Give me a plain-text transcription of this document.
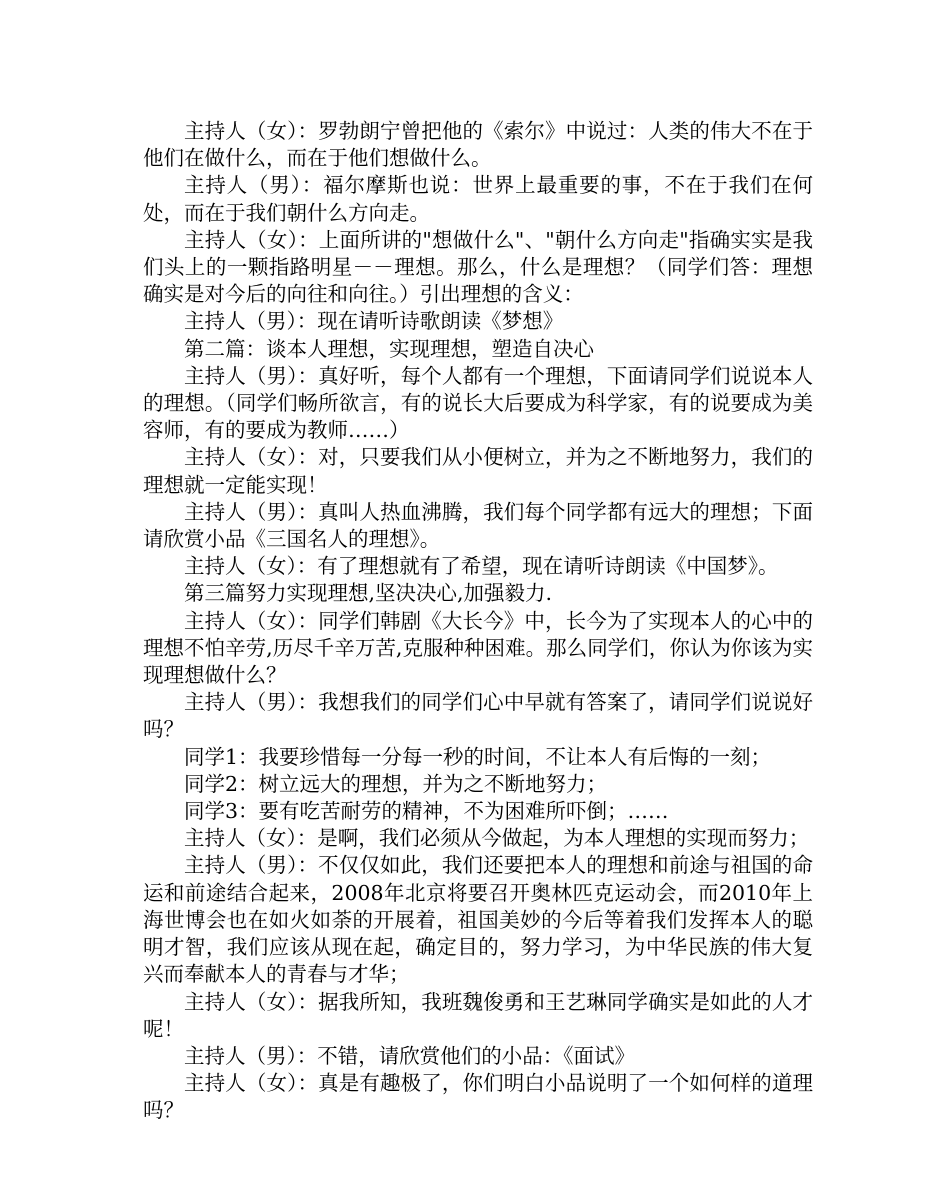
主持人（女）：罗勃朗宁曾把他的《索尔》中说过：人类的伟大不在于他们在做什么，而在于他们想做什么。

主持人（男）：福尔摩斯也说：世界上最重要的事，不在于我们在何处，而在于我们朝什么方向走。

主持人（女）：上面所讲的"想做什么"、"朝什么方向走"指确实实是我们头上的一颗指路明星－－理想。那么，什么是理想？（同学们答：理想确实是对今后的向往和向往。）引出理想的含义：

主持人（男）：现在请听诗歌朗读《梦想》

第二篇：谈本人理想，实现理想，塑造自决心

主持人（男）：真好听，每个人都有一个理想，下面请同学们说说本人的理想。（同学们畅所欲言，有的说长大后要成为科学家，有的说要成为美容师，有的要成为教师……）

主持人（女）：对，只要我们从小便树立，并为之不断地努力，我们的理想就一定能实现！

主持人（男）：真叫人热血沸腾，我们每个同学都有远大的理想；下面请欣赏小品《三国名人的理想》。

主持人（女）：有了理想就有了希望，现在请听诗朗读《中国梦》。

第三篇努力实现理想,坚决决心,加强毅力.

主持人（女）：同学们韩剧《大长今》中，长今为了实现本人的心中的理想不怕辛劳,历尽千辛万苦,克服种种困难。那么同学们，你认为你该为实现理想做什么？

主持人（男）：我想我们的同学们心中早就有答案了，请同学们说说好吗？

同学1：我要珍惜每一分每一秒的时间，不让本人有后悔的一刻；

同学2：树立远大的理想，并为之不断地努力；

同学3：要有吃苦耐劳的精神，不为困难所吓倒；……

主持人（女）：是啊，我们必须从今做起，为本人理想的实现而努力；

主持人（男）：不仅仅如此，我们还要把本人的理想和前途与祖国的命运和前途结合起来，2008年北京将要召开奥林匹克运动会，而2010年上海世博会也在如火如荼的开展着，祖国美妙的今后等着我们发挥本人的聪明才智，我们应该从现在起，确定目的，努力学习，为中华民族的伟大复兴而奉献本人的青春与才华；

主持人（女）：据我所知，我班魏俊勇和王艺琳同学确实是如此的人才呢！

主持人（男）：不错，请欣赏他们的小品：《面试》

主持人（女）：真是有趣极了，你们明白小品说明了一个如何样的道理吗？
